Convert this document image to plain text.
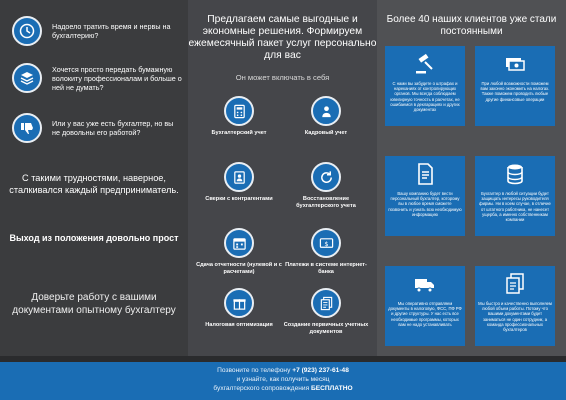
Надоело тратить время и нервы на бухгалтерию?
Хочется просто передать бумажную волокиту профессионалам и больше о ней не думать?
Или у вас уже есть бухгалтер, но вы не довольны его работой?
С такими трудностями, наверное, сталкивался каждый предприниматель.
Выход из положения довольно прост
Доверьте работу с вашими документами опытному бухгалтеру
Предлагаем самые выгодные и экономные решения. Формируем ежемесячный пакет услуг персонально для вас
Он может включать в себя
Бухгалтерский учет	Кадровый учет
Сверки с контрагентами	Восстановление бухгалтерского учета
Сдача отчетности (нулевой и с расчетами)
$
Платежи в системе интернет-банка
Налоговая оптимизация	Создание первичных учетных документов
Более 40 наших клиентов уже стали постоянными
С нами вы забудете о штрафах и нареканиях от контролирующих органов. Мы всегда соблюдаем ювелирную точность в расчетах, не ошибаемся в декларациях и других документах
При любой возможности поможем вам законно экономить на налогах. Также поможем проводить любые другие финансовые операции
Вашу компанию будет вести персональный бухгалтер, которому вы в любое время сможете позвонить и узнать всю необходимую информацию
Бухгалтер в любой ситуации будет защищать интересы руководителя фирмы. Ни в коем случае, в отличие от штатного работника, не нанесет ущерба, а именно собственникам компании
Мы оперативно отправляем документы в налоговую, ФСС, ПФ РФ и другие структуры. У нас есть все необходимые программы, которых вам не надо устанавливать
Мы быстро и качественно выполняем любой объем работы. Потому что вашими документами будет заниматься не один сотрудник, а команда профессиональных бухгалтеров
Позвоните по телефону +7 (923) 237-61-48
и узнайте, как получить месяц
бухгалтерского сопровождения БЕСПЛАТНО
